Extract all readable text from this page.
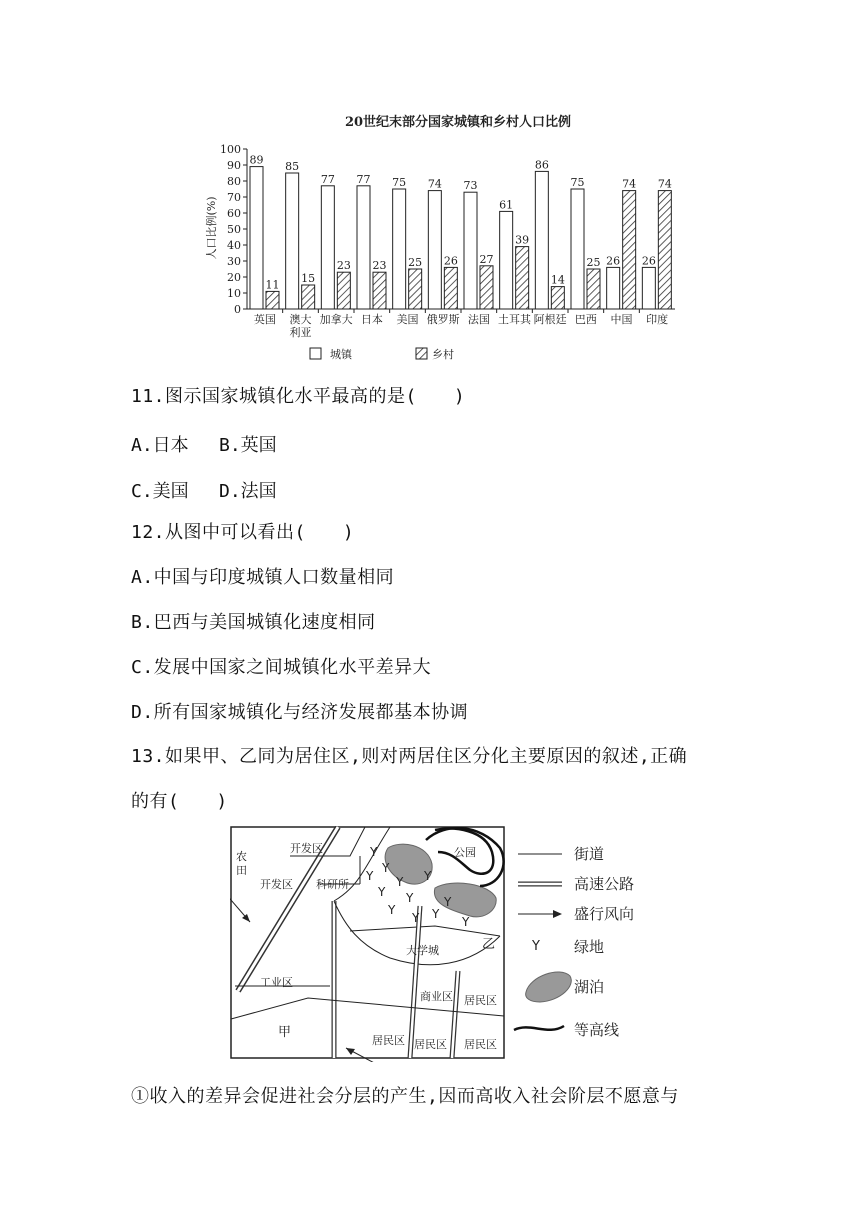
20世纪末部分国家城镇和乡村人口比例
人口比例(%)
0
10
20
30
40
50
60
70
80
90
100
89
11
英国
85
15
澳大
利亚
77
23
加拿大
77
23
日本
75
25
美国
74
26
俄罗斯
73
27
法国
61
39
土耳其
86
14
阿根廷
75
25
巴西
26
74
中国
26
74
印度
城镇	乡村
11.图示国家城镇化水平最高的是(　　)
A.日本 B.英国
C.美国 D.法国
12.从图中可以看出(　　)
A.中国与印度城镇人口数量相同
B.巴西与美国城镇化速度相同
C.发展中国家之间城镇化水平差异大
D.所有国家城镇化与经济发展都基本协调
13.如果甲、乙同为居住区,则对两居住区分化主要原因的叙述,正确
的有(　　)
Y
Y
Y
Y Y
Y
Y	Y
Y
Y
Y
Y
开发区
开发区 科研所
农
田
工业区
甲
乙
大学城
商业区 居民区
居民区 居民区 居民区
公园	街道
高速公路
盛行风向
Y 绿地
湖泊
等高线
①收入的差异会促进社会分层的产生,因而高收入社会阶层不愿意与
